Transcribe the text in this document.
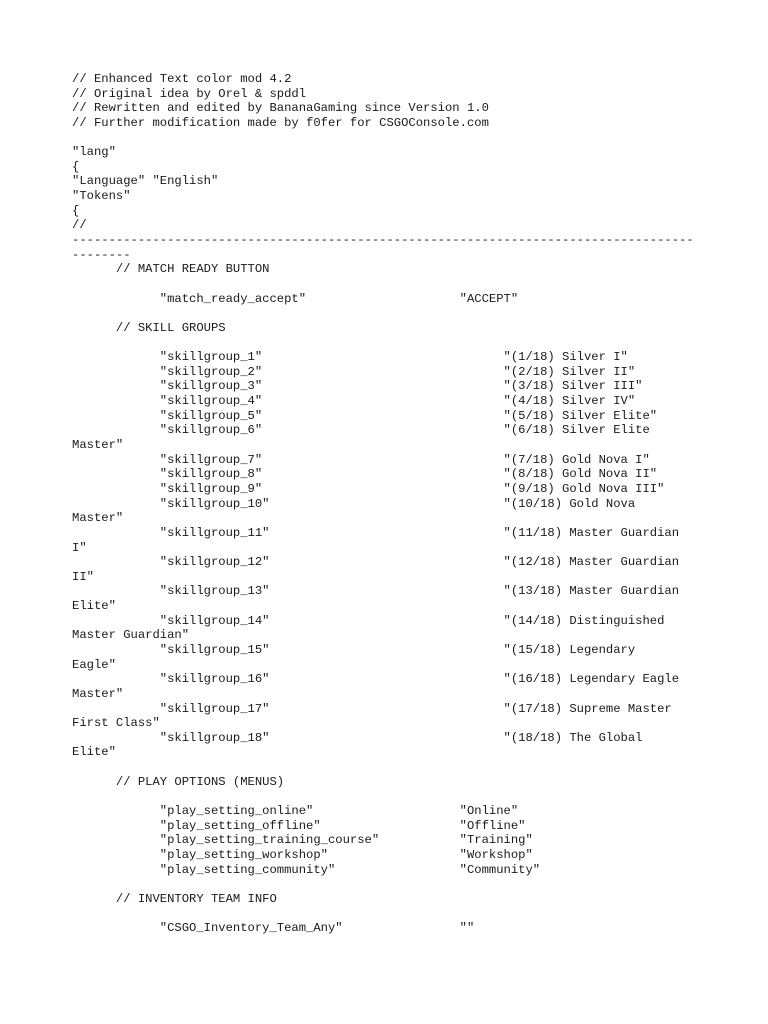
// Enhanced Text color mod 4.2
// Original idea by Orel & spddl
// Rewritten and edited by BananaGaming since Version 1.0
// Further modification made by f0fer for CSGOConsole.com
"lang"
{
"Language" "English"
"Tokens"
{
//
-------------------------------------------------------------------------------------
--------
// MATCH READY BUTTON
"match_ready_accept"                     "ACCEPT"
// SKILL GROUPS
"skillgroup_1"                                 "(1/18) Silver I"
"skillgroup_2"                                 "(2/18) Silver II"
"skillgroup_3"                                 "(3/18) Silver III"
"skillgroup_4"                                 "(4/18) Silver IV"
"skillgroup_5"                                 "(5/18) Silver Elite"
"skillgroup_6"                                 "(6/18) Silver Elite
Master"
"skillgroup_7"                                 "(7/18) Gold Nova I"
"skillgroup_8"                                 "(8/18) Gold Nova II"
"skillgroup_9"                                 "(9/18) Gold Nova III"
"skillgroup_10"                                "(10/18) Gold Nova
Master"
"skillgroup_11"                                "(11/18) Master Guardian
I"
"skillgroup_12"                                "(12/18) Master Guardian
II"
"skillgroup_13"                                "(13/18) Master Guardian
Elite"
"skillgroup_14"                                "(14/18) Distinguished
Master Guardian"
"skillgroup_15"                                "(15/18) Legendary
Eagle"
"skillgroup_16"                                "(16/18) Legendary Eagle
Master"
"skillgroup_17"                                "(17/18) Supreme Master
First Class"
"skillgroup_18"                                "(18/18) The Global
Elite"
// PLAY OPTIONS (MENUS)
"play_setting_online"                    "Online"
"play_setting_offline"                   "Offline"
"play_setting_training_course"           "Training"
"play_setting_workshop"                  "Workshop"
"play_setting_community"                 "Community"
// INVENTORY TEAM INFO
"CSGO_Inventory_Team_Any"                ""
